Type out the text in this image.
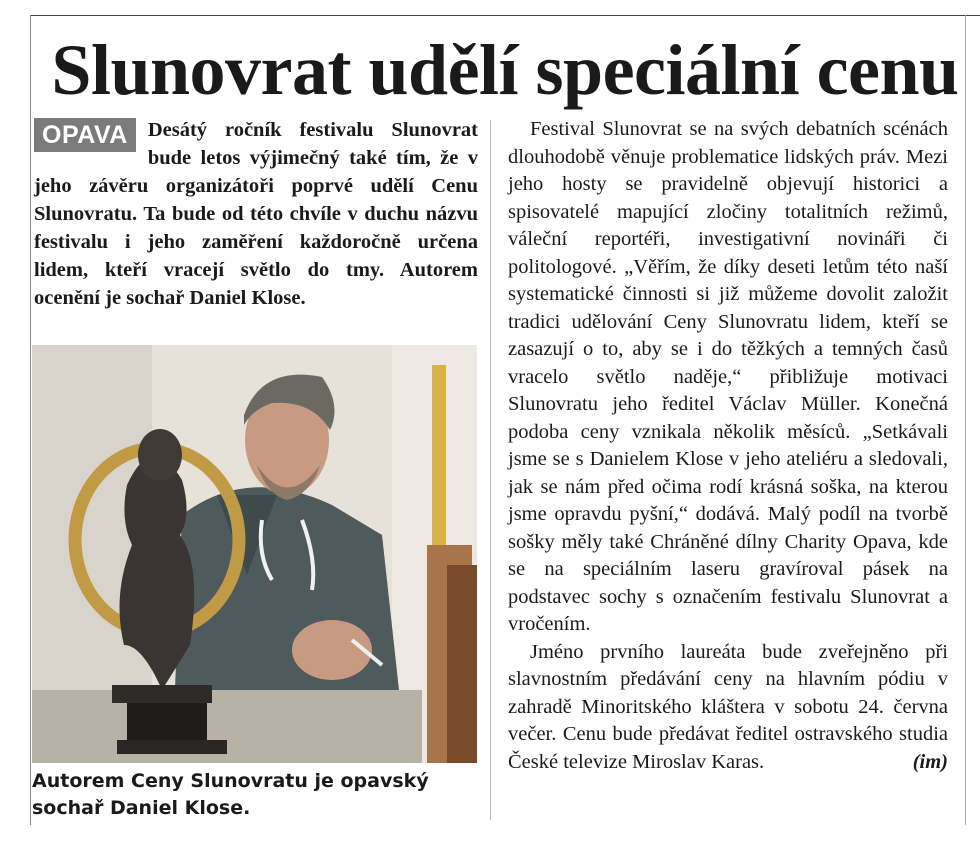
Slunovrat udělí speciální cenu
OPAVA Desátý ročník festivalu Slunovrat bude letos výjimečný také tím, že v jeho závěru organizátoři poprvé udělí Cenu Slunovratu. Ta bude od této chvíle v duchu názvu festivalu i jeho zaměření každoročně určena lidem, kteří vracejí světlo do tmy. Autorem ocenění je sochař Daniel Klose.
Autorem Ceny Slunovratu je opavský sochař Daniel Klose.

Festival Slunovrat se na svých debatních scénách dlouhodobě věnuje problematice lidských práv. Mezi jeho hosty se pravidelně objevují historici a spisovatelé mapující zločiny totalitních režimů, váleční reportéři, investigativní novináři či politologové. „Věřím, že díky deseti letům této naší systematické činnosti si již můžeme dovolit založit tradici udělování Ceny Slunovratu lidem, kteří se zasazují o to, aby se i do těžkých a temných časů vracelo světlo naděje,“ přibližuje motivaci Slunovratu jeho ředitel Václav Müller. Konečná podoba ceny vznikala několik měsíců. „Setkávali jsme se s Danielem Klose v jeho ateliéru a sledovali, jak se nám před očima rodí krásná soška, na kterou jsme opravdu pyšní,“ dodává. Malý podíl na tvorbě sošky měly také Chráněné dílny Charity Opava, kde se na speciálním laseru gravíroval pásek na podstavec sochy s označením festivalu Slunovrat a vročením.

Jméno prvního laureáta bude zveřejněno při slavnostním předávání ceny na hlavním pódiu v zahradě Minoritského kláštera v sobotu 24. června večer. Cenu bude předávat ředitel ostravského studia České televize Miroslav Karas.	(im)
